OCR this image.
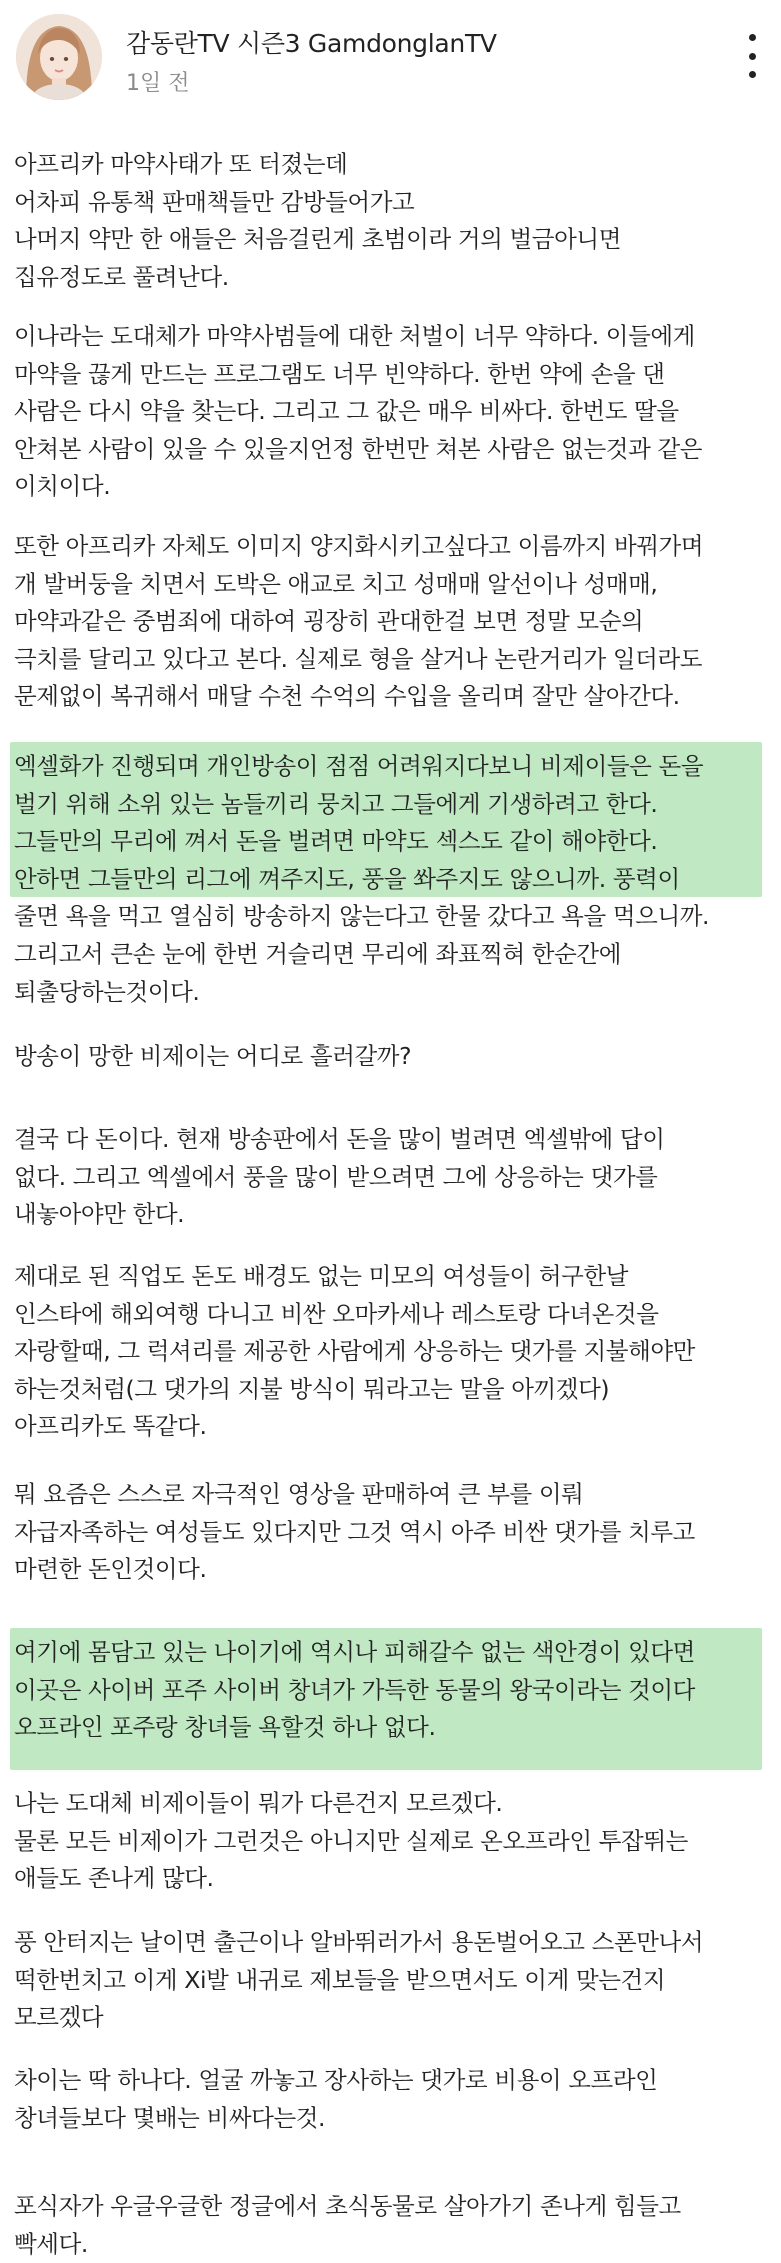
감동란TV 시즌3 GamdonglanTV
1일 전
아프리카 마약사태가 또 터졌는데
어차피 유통책 판매책들만 감방들어가고
나머지 약만 한 애들은 처음걸린게 초범이라 거의 벌금아니면
집유정도로 풀려난다.
이나라는 도대체가 마약사범들에 대한 처벌이 너무 약하다. 이들에게
마약을 끊게 만드는 프로그램도 너무 빈약하다. 한번 약에 손을 댄
사람은 다시 약을 찾는다. 그리고 그 값은 매우 비싸다. 한번도 딸을
안쳐본 사람이 있을 수 있을지언정 한번만 쳐본 사람은 없는것과 같은
이치이다.
또한 아프리카 자체도 이미지 양지화시키고싶다고 이름까지 바꿔가며
개 발버둥을 치면서 도박은 애교로 치고 성매매 알선이나 성매매,
마약과같은 중범죄에 대하여 굉장히 관대한걸 보면 정말 모순의
극치를 달리고 있다고 본다. 실제로 형을 살거나 논란거리가 일더라도
문제없이 복귀해서 매달 수천 수억의 수입을 올리며 잘만 살아간다.
엑셀화가 진행되며 개인방송이 점점 어려워지다보니 비제이들은 돈을
벌기 위해 소위 있는 놈들끼리 뭉치고 그들에게 기생하려고 한다.
그들만의 무리에 껴서 돈을 벌려면 마약도 섹스도 같이 해야한다.
안하면 그들만의 리그에 껴주지도, 풍을 쏴주지도 않으니까. 풍력이
줄면 욕을 먹고 열심히 방송하지 않는다고 한물 갔다고 욕을 먹으니까.
그리고서 큰손 눈에 한번 거슬리면 무리에 좌표찍혀 한순간에
퇴출당하는것이다.
방송이 망한 비제이는 어디로 흘러갈까?
결국 다 돈이다. 현재 방송판에서 돈을 많이 벌려면 엑셀밖에 답이
없다. 그리고 엑셀에서 풍을 많이 받으려면 그에 상응하는 댓가를
내놓아야만 한다.
제대로 된 직업도 돈도 배경도 없는 미모의 여성들이 허구한날
인스타에 해외여행 다니고 비싼 오마카세나 레스토랑 다녀온것을
자랑할때, 그 럭셔리를 제공한 사람에게 상응하는 댓가를 지불해야만
하는것처럼(그 댓가의 지불 방식이 뭐라고는 말을 아끼겠다)
아프리카도 똑같다.
뭐 요즘은 스스로 자극적인 영상을 판매하여 큰 부를 이뤄
자급자족하는 여성들도 있다지만 그것 역시 아주 비싼 댓가를 치루고
마련한 돈인것이다.
여기에 몸담고 있는 나이기에 역시나 피해갈수 없는 색안경이 있다면
이곳은 사이버 포주 사이버 창녀가 가득한 동물의 왕국이라는 것이다
오프라인 포주랑 창녀들 욕할것 하나 없다.
나는 도대체 비제이들이 뭐가 다른건지 모르겠다.
물론 모든 비제이가 그런것은 아니지만 실제로 온오프라인 투잡뛰는
애들도 존나게 많다.
풍 안터지는 날이면 출근이나 알바뛰러가서 용돈벌어오고 스폰만나서
떡한번치고 이게 Xi발 내귀로 제보들을 받으면서도 이게 맞는건지
모르겠다
차이는 딱 하나다. 얼굴 까놓고 장사하는 댓가로 비용이 오프라인
창녀들보다 몇배는 비싸다는것.
포식자가 우글우글한 정글에서 초식동물로 살아가기 존나게 힘들고
빡세다.
